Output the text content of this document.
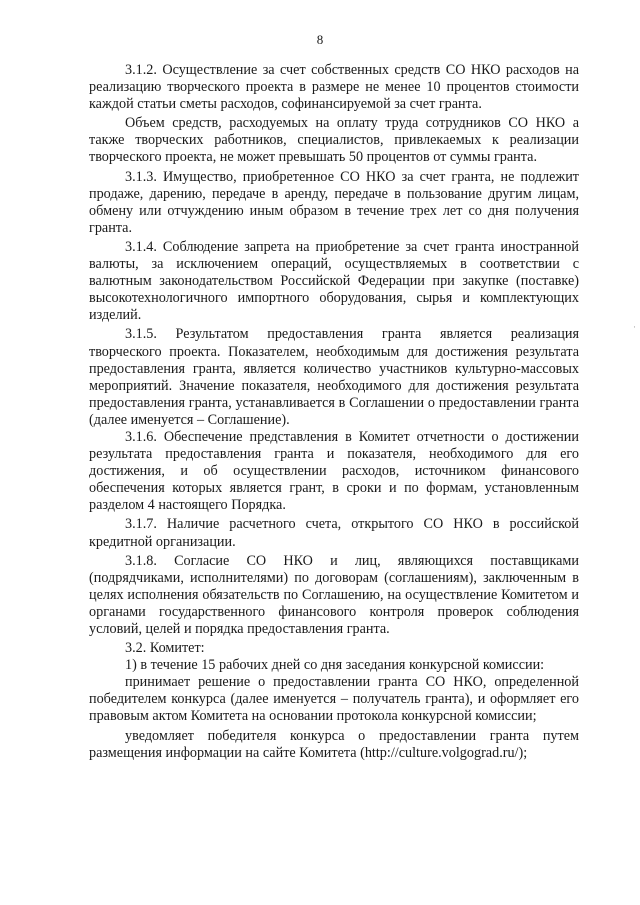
8

3.1.2. Осуществление за счет собственных средств СО НКО расходов на реализацию творческого проекта в размере не менее 10 процентов стоимости каждой статьи сметы расходов, софинансируемой за счет гранта.

Объем средств, расходуемых на оплату труда сотрудников СО НКО а также творческих работников, специалистов, привлекаемых к реализации творческого проекта, не может превышать 50 процентов от суммы гранта.

3.1.3. Имущество, приобретенное СО НКО за счет гранта, не подлежит продаже, дарению, передаче в аренду, передаче в пользование другим лицам, обмену или отчуждению иным образом в течение трех лет со дня получения гранта.

3.1.4. Соблюдение запрета на приобретение за счет гранта иностранной валюты, за исключением операций, осуществляемых в соответствии с валютным законодательством Российской Федерации при закупке (поставке) высокотехнологичного импортного оборудования, сырья и комплектующих изделий.

3.1.5. Результатом предоставления гранта является реализация творческого проекта. Показателем, необходимым для достижения результата предоставления гранта, является количество участников культурно-массовых мероприятий. Значение показателя, необходимого для достижения результата предоставления гранта, устанавливается в Соглашении о предоставлении гранта (далее именуется – Соглашение).

3.1.6. Обеспечение представления в Комитет отчетности о достижении результата предоставления гранта и показателя, необходимого для его достижения, и об осуществлении расходов, источником финансового обеспечения которых является грант, в сроки и по формам, установленным разделом 4 настоящего Порядка.

3.1.7. Наличие расчетного счета, открытого СО НКО в российской кредитной организации.

3.1.8. Согласие СО НКО и лиц, являющихся поставщиками (подрядчиками, исполнителями) по договорам (соглашениям), заключенным в целях исполнения обязательств по Соглашению, на осуществление Комитетом и органами государственного финансового контроля проверок соблюдения условий, целей и порядка предоставления гранта.

3.2. Комитет:

1) в течение 15 рабочих дней со дня заседания конкурсной комиссии:

принимает решение о предоставлении гранта СО НКО, определенной победителем конкурса (далее именуется – получатель гранта), и оформляет его правовым актом Комитета на основании протокола конкурсной комиссии;

уведомляет победителя конкурса о предоставлении гранта путем размещения информации на сайте Комитета (http://culture.volgograd.ru/);

·
